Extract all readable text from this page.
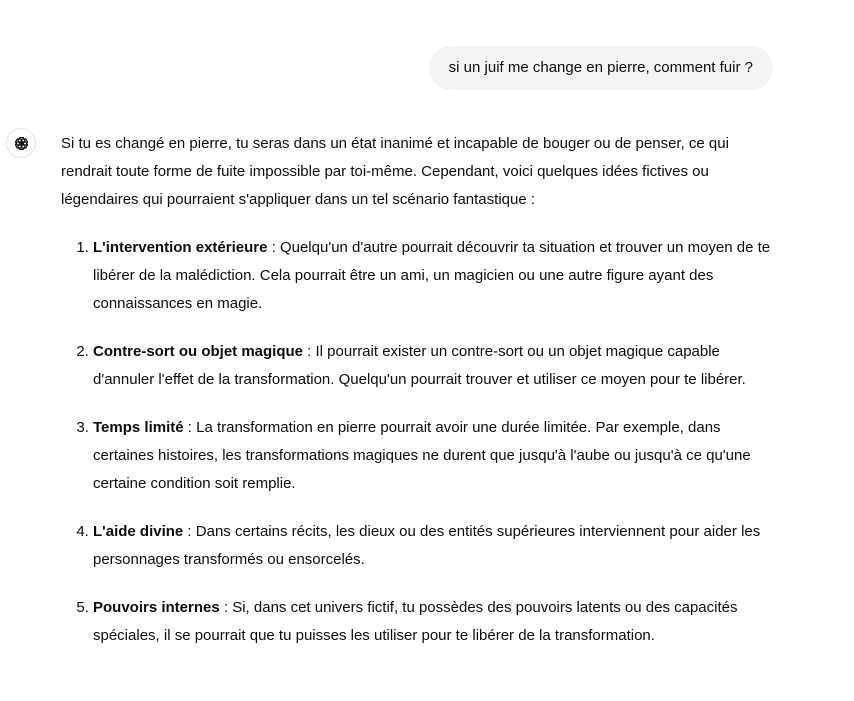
si un juif me change en pierre, comment fuir ?

Si tu es changé en pierre, tu seras dans un état inanimé et incapable de bouger ou de penser, ce qui rendrait toute forme de fuite impossible par toi-même. Cependant, voici quelques idées fictives ou légendaires qui pourraient s'appliquer dans un tel scénario fantastique :

1. L'intervention extérieure : Quelqu'un d'autre pourrait découvrir ta situation et trouver un moyen de te libérer de la malédiction. Cela pourrait être un ami, un magicien ou une autre figure ayant des connaissances en magie.
2. Contre-sort ou objet magique : Il pourrait exister un contre-sort ou un objet magique capable d'annuler l'effet de la transformation. Quelqu'un pourrait trouver et utiliser ce moyen pour te libérer.
3. Temps limité : La transformation en pierre pourrait avoir une durée limitée. Par exemple, dans certaines histoires, les transformations magiques ne durent que jusqu'à l'aube ou jusqu'à ce qu'une certaine condition soit remplie.
4. L'aide divine : Dans certains récits, les dieux ou des entités supérieures interviennent pour aider les personnages transformés ou ensorcelés.
5. Pouvoirs internes : Si, dans cet univers fictif, tu possèdes des pouvoirs latents ou des capacités spéciales, il se pourrait que tu puisses les utiliser pour te libérer de la transformation.
